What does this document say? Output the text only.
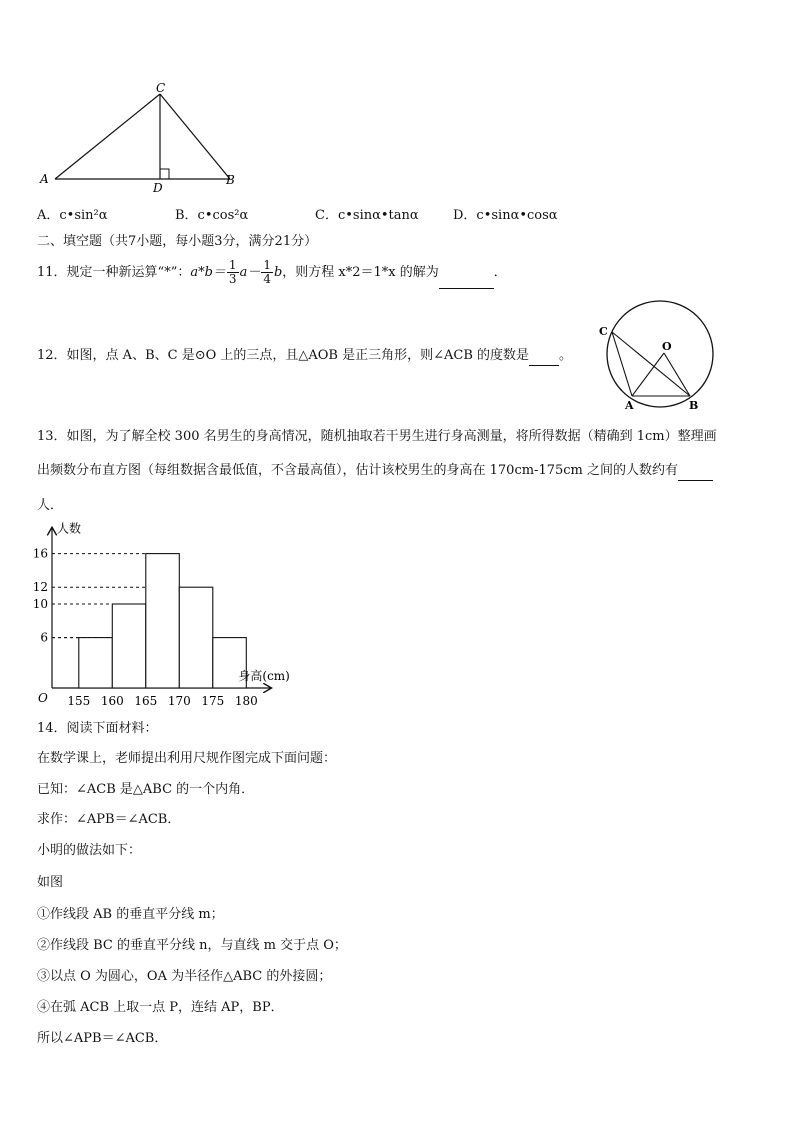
A	B
C
D
A．c•sin²α	B．c•cos²α	C．c•sinα•tanα	D．c•sinα•cosα
二、填空题（共7小题，每小题3分，满分21分）
11．规定一种新运算“*”：$a*b= \frac{1}{3} a- \frac{1}{4}$ b，则方程 x*2＝1*x 的解为	．
12．如图，点 A、B、C 是⊙O 上的三点，且△AOB 是正三角形，则∠ACB 的度数是 。
C
O
A	B
13．如图，为了解全校 300 名男生的身高情况，随机抽取若干男生进行身高测量，将所得数据（精确到 1cm）整理画
出频数分布直方图（每组数据含最低值，不含最高值），估计该校男生的身高在 170cm-175cm 之间的人数约有
人．
6
10
12
16
155 160 165 170 175 180
人数
身高(cm)
O
14．阅读下面材料：
在数学课上，老师提出利用尺规作图完成下面问题：
已知：∠ACB 是△ABC 的一个内角．
求作：∠APB＝∠ACB．
小明的做法如下：
如图
①作线段 AB 的垂直平分线 m；
②作线段 BC 的垂直平分线 n，与直线 m 交于点 O；
③以点 O 为圆心，OA 为半径作△ABC 的外接圆；
④在弧 ACB 上取一点 P，连结 AP，BP．
所以∠APB＝∠ACB．
